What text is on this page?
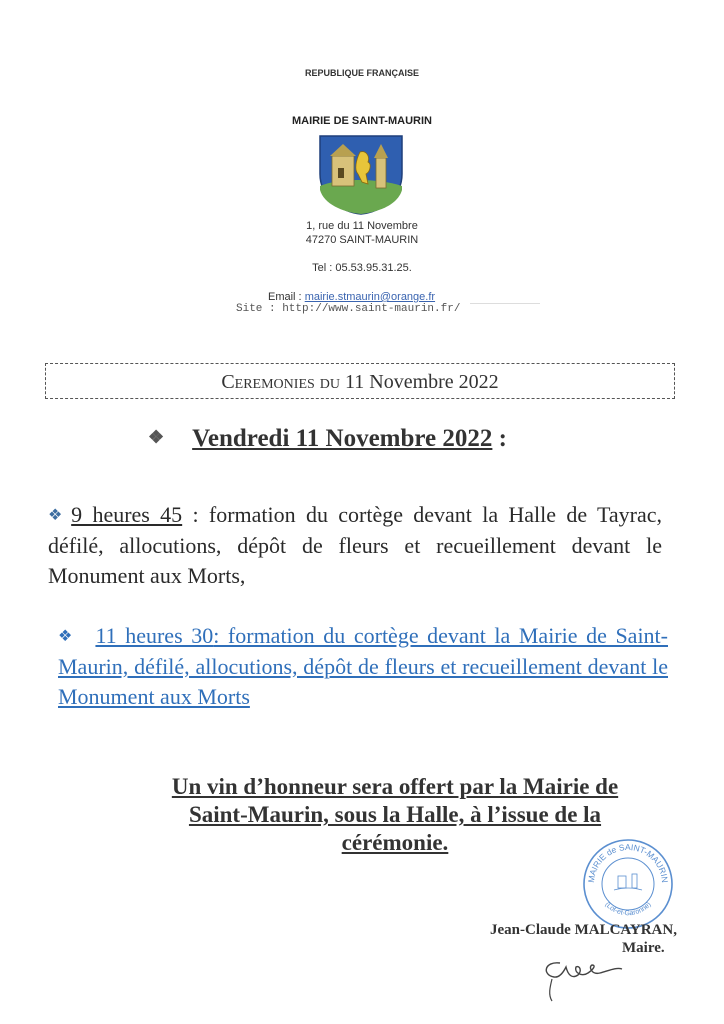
REPUBLIQUE FRANÇAISE
MAIRIE DE SAINT-MAURIN
1, rue du 11 Novembre
47270 SAINT-MAURIN
Tel : 05.53.95.31.25.
Email : mairie.stmaurin@orange.fr
Site : http://www.saint-maurin.fr/
Ceremonies du 11 Novembre 2022
❖ Vendredi 11 Novembre 2022 :
❖ 9 heures 45 : formation du cortège devant la Halle de Tayrac, défilé, allocutions, dépôt de fleurs et recueillement devant le Monument aux Morts,
❖ 11 heures 30: formation du cortège devant la Mairie de Saint-Maurin, défilé, allocutions, dépôt de fleurs et recueillement devant le Monument aux Morts
Un vin d’honneur sera offert par la Mairie de
Saint-Maurin, sous la Halle, à l’issue de la
cérémonie.
MAIRIE de SAINT-MAURIN
(Lot-et-Garonne)
Jean-Claude MALCAYRAN,
Maire.
